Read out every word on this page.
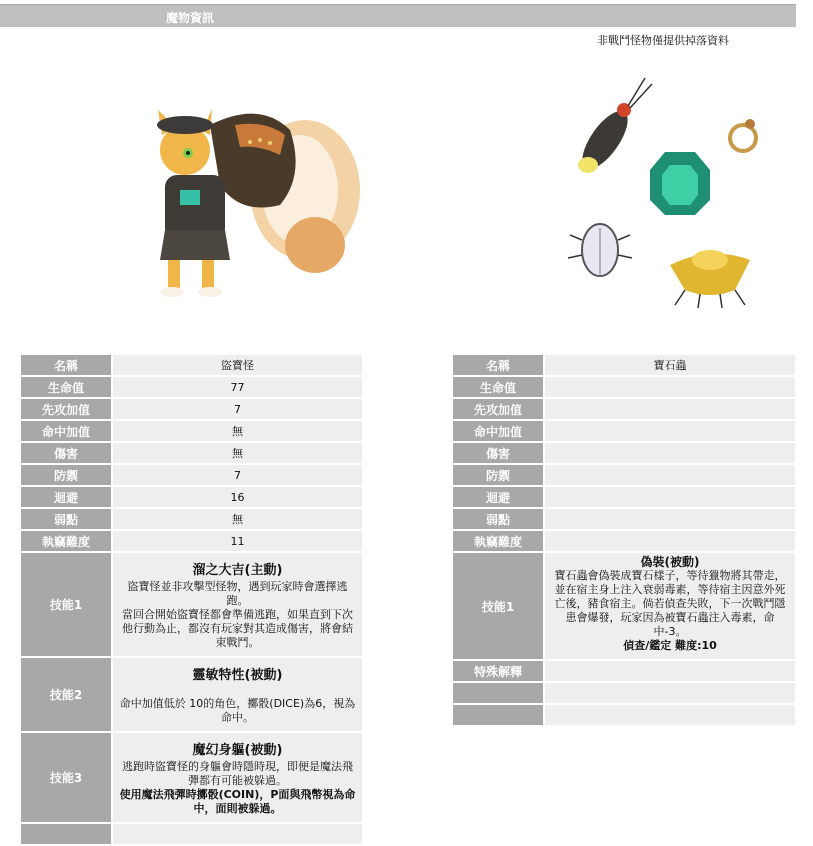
魔物資訊
非戰鬥怪物僅提供掉落資料
名稱	盜寶怪
生命值	77
先攻加值	7
命中加值	無
傷害	無
防禦	7
迴避	16
弱點	無
執竊難度	11
技能1	溜之大吉(主動)
盜寶怪並非攻擊型怪物，遇到玩家時會選擇逃跑。
當回合開始盜寶怪都會準備逃跑，如果直到下次他行動為止，都沒有玩家對其造成傷害，將會結束戰鬥。

技能2	靈敏特性(被動)
命中加值低於 10的角色，擲骰(DICE)為6，視為命中。

技能3	魔幻身軀(被動)
逃跑時盜寶怪的身軀會時隱時現，即便是魔法飛彈都有可能被躲過。
使用魔法飛彈時擲骰(COIN)，P面與飛幣視為命中，面則被躲過。

名稱	寶石蟲
生命值	
先攻加值	
命中加值	
傷害	
防禦	
迴避	
弱點	
執竊難度	
技能1	偽裝(被動)
寶石蟲會偽裝成寶石樣子，等待獵物將其帶走，並在宿主身上注入衰弱毒素，等待宿主因意外死亡後，豬食宿主。倘若偵查失敗，下一次戰鬥隱患會爆發，玩家因為被寶石蟲注入毒素，命中-3。
偵查/鑑定 難度:10

特殊解釋	
